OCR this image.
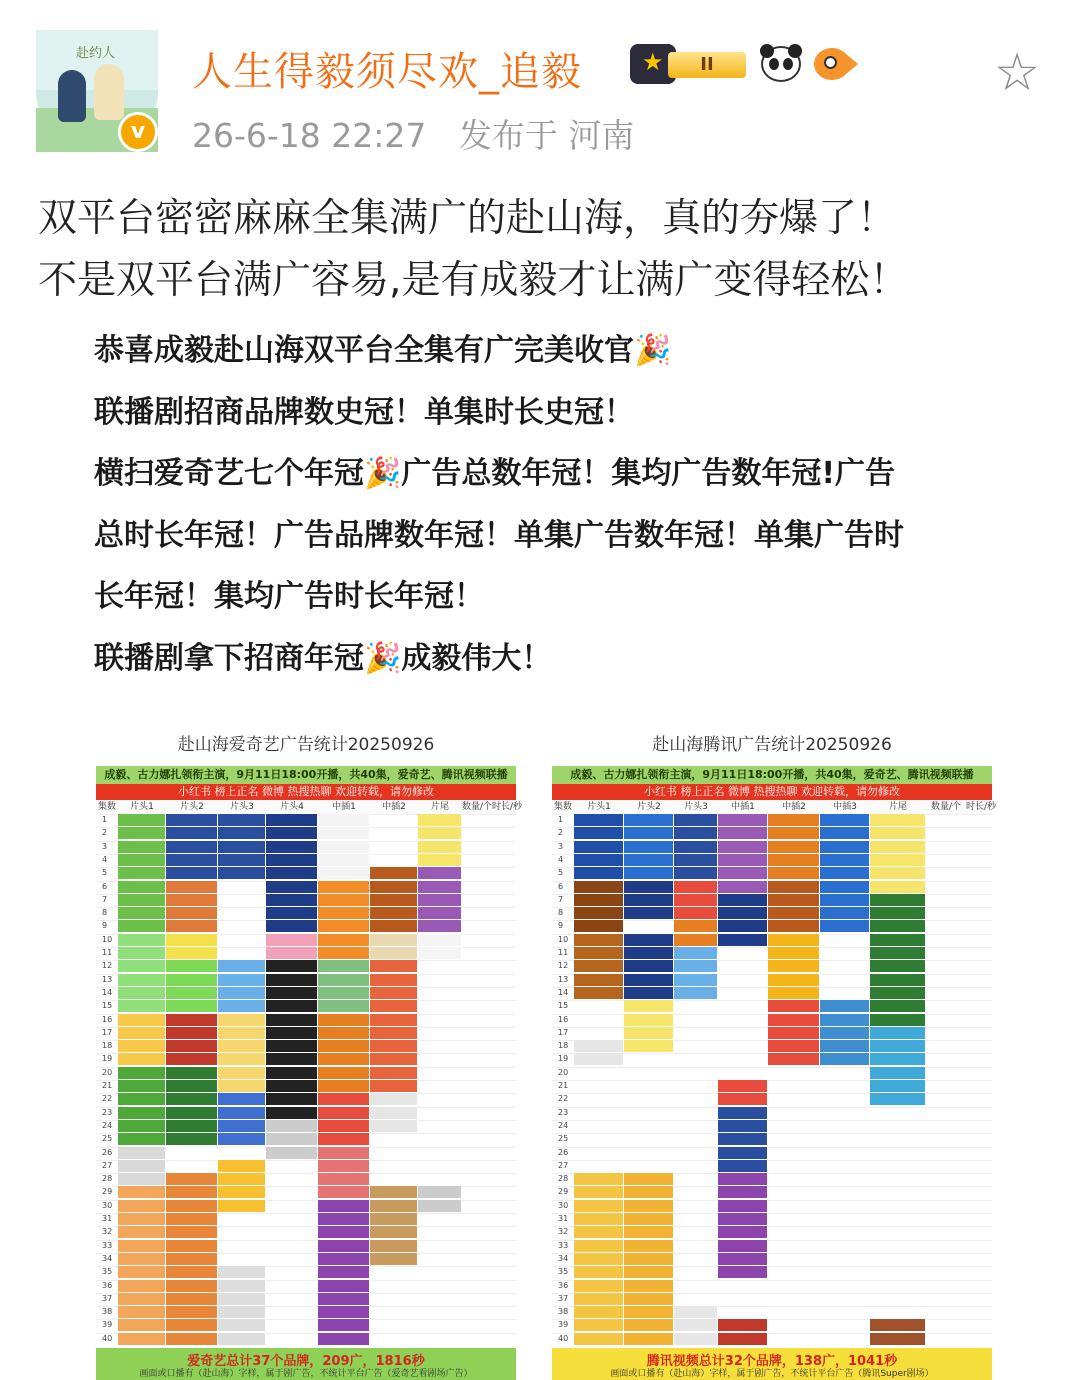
赴约人
v
人生得毅须尽欢_追毅
★	II	☆
26-6-18 22:27 发布于 河南
双平台密密麻麻全集满广的赴山海，真的夯爆了！
不是双平台满广容易,是有成毅才让满广变得轻松！
恭喜成毅赴山海双平台全集有广完美收官🎉
联播剧招商品牌数史冠！单集时长史冠！
横扫爱奇艺七个年冠🎉广告总数年冠！集均广告数年冠!广告
总时长年冠！广告品牌数年冠！单集广告数年冠！单集广告时
长年冠！集均广告时长年冠！
联播剧拿下招商年冠🎉成毅伟大！
赴山海爱奇艺广告统计20250926
成毅、古力娜扎领衔主演，9月11日18:00开播，共40集，爱奇艺、腾讯视频联播
小红书 榜上正名 微博 热搜热聊 欢迎转载，请勿修改
集数	片头1	片头2	片头3	片头4	中插1	中插2	片尾	数量/个 时长/秒
1
2
3
4
5
6
7
8
9
10
11
12
13
14
15
16
17
18
19
20
21
22
23
24
25
26
27
28
29
30
31
32
33
34
35
36
37
38
39
40
爱奇艺总计37个品牌，209广，1816秒
画面或口播有（赴山海）字样，属于剧广告，不统计平台广告（爱奇艺看剧场广告）
赴山海腾讯广告统计20250926
成毅、古力娜扎领衔主演，9月11日18:00开播，共40集，爱奇艺、腾讯视频联播
小红书 榜上正名 微博 热搜热聊 欢迎转载，请勿修改
集数	片头1	片头2	片头3	中插1	中插2	中插3	片尾	数量/个 时长/秒
1
2
3
4
5
6
7
8
9
10
11
12
13
14
15
16
17
18
19
20
21
22
23
24
25
26
27
28
29
30
31
32
33
34
35
36
37
38
39
40
腾讯视频总计32个品牌，138广，1041秒
画面或口播有（赴山海）字样，属于剧广告，不统计平台广告（腾讯Super剧场）
